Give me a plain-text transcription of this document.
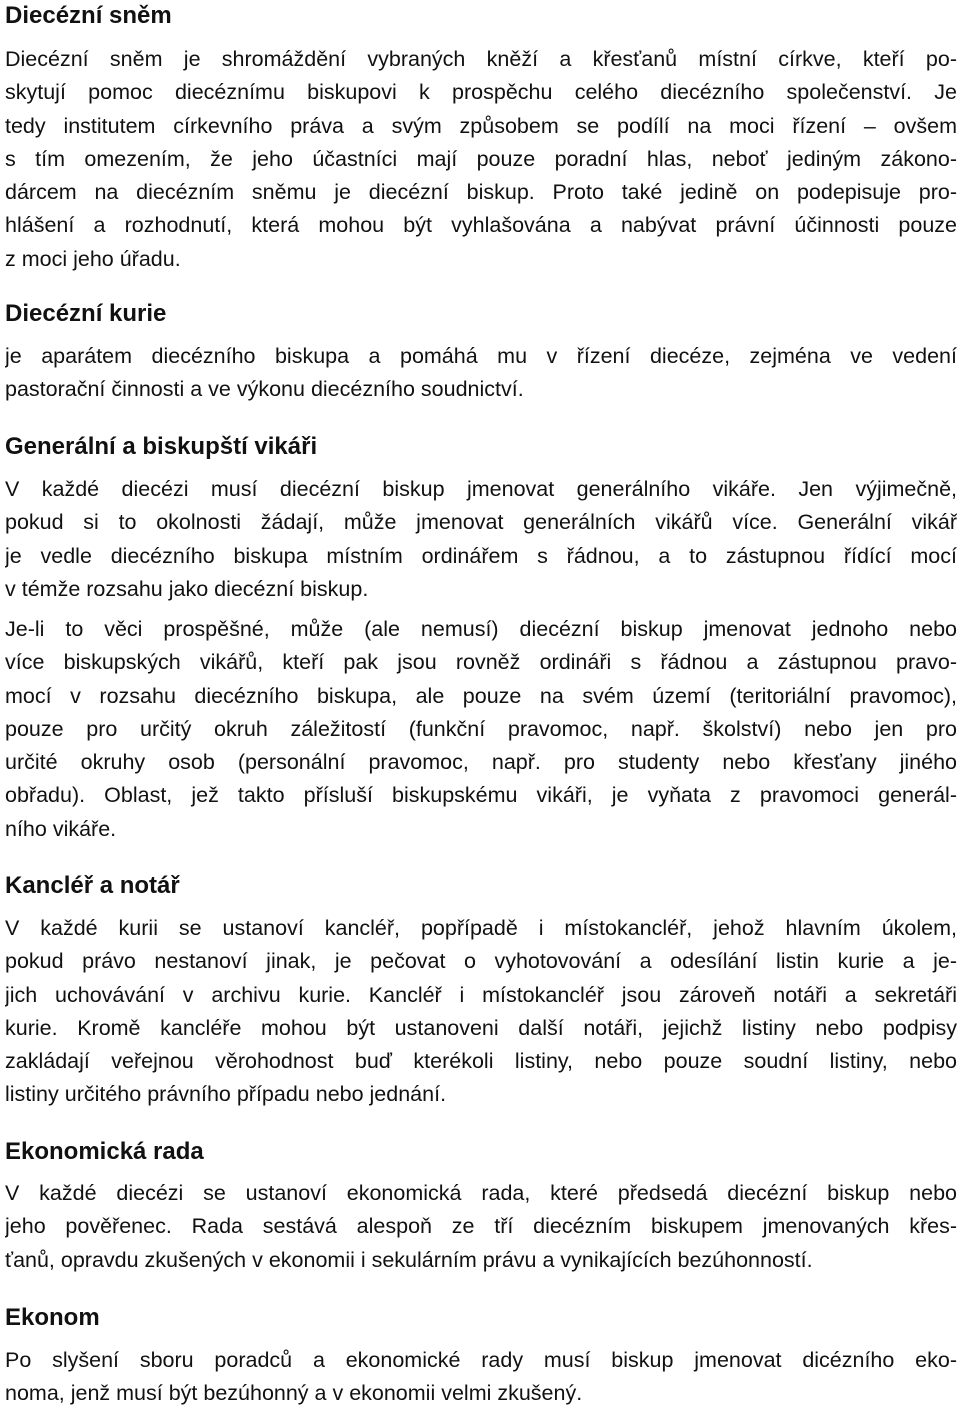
Diecézní sněm
Diecézní sněm je shromáždění vybraných kněží a křesťanů místní církve, kteří po-
skytují pomoc diecéznímu biskupovi k prospěchu celého diecézního společenství. Je
tedy institutem církevního práva a svým způsobem se podílí na moci řízení – ovšem
s tím omezením, že jeho účastníci mají pouze poradní hlas, neboť jediným zákono-
dárcem na diecézním sněmu je diecézní biskup. Proto také jedině on podepisuje pro-
hlášení a rozhodnutí, která mohou být vyhlašována a nabývat právní účinnosti pouze
z moci jeho úřadu.
Diecézní kurie
je aparátem diecézního biskupa a pomáhá mu v řízení diecéze, zejména ve vedení
pastorační činnosti a ve výkonu diecézního soudnictví.
Generální a biskupští vikáři
V každé diecézi musí diecézní biskup jmenovat generálního vikáře. Jen výjimečně,
pokud si to okolnosti žádají, může jmenovat generálních vikářů více. Generální vikář
je vedle diecézního biskupa místním ordinářem s řádnou, a to zástupnou řídící mocí
v témže rozsahu jako diecézní biskup.
Je-li to věci prospěšné, může (ale nemusí) diecézní biskup jmenovat jednoho nebo
více biskupských vikářů, kteří pak jsou rovněž ordináři s řádnou a zástupnou pravo-
mocí v rozsahu diecézního biskupa, ale pouze na svém území (teritoriální pravomoc),
pouze pro určitý okruh záležitostí (funkční pravomoc, např. školství) nebo jen pro
určité okruhy osob (personální pravomoc, např. pro studenty nebo křesťany jiného
obřadu). Oblast, jež takto přísluší biskupskému vikáři, je vyňata z pravomoci generál-
ního vikáře.
Kancléř a notář
V každé kurii se ustanoví kancléř, popřípadě i místokancléř, jehož hlavním úkolem,
pokud právo nestanoví jinak, je pečovat o vyhotovování a odesílání listin kurie a je-
jich uchovávání v archivu kurie. Kancléř i místokancléř jsou zároveň notáři a sekretáři
kurie. Kromě kancléře mohou být ustanoveni další notáři, jejichž listiny nebo podpisy
zakládají veřejnou věrohodnost buď kterékoli listiny, nebo pouze soudní listiny, nebo
listiny určitého právního případu nebo jednání.
Ekonomická rada
V každé diecézi se ustanoví ekonomická rada, které předsedá diecézní biskup nebo
jeho pověřenec. Rada sestává alespoň ze tří diecézním biskupem jmenovaných křes-
ťanů, opravdu zkušených v ekonomii i sekulárním právu a vynikajících bezúhonností.
Ekonom
Po slyšení sboru poradců a ekonomické rady musí biskup jmenovat dicézního eko-
noma, jenž musí být bezúhonný a v ekonomii velmi zkušený.
